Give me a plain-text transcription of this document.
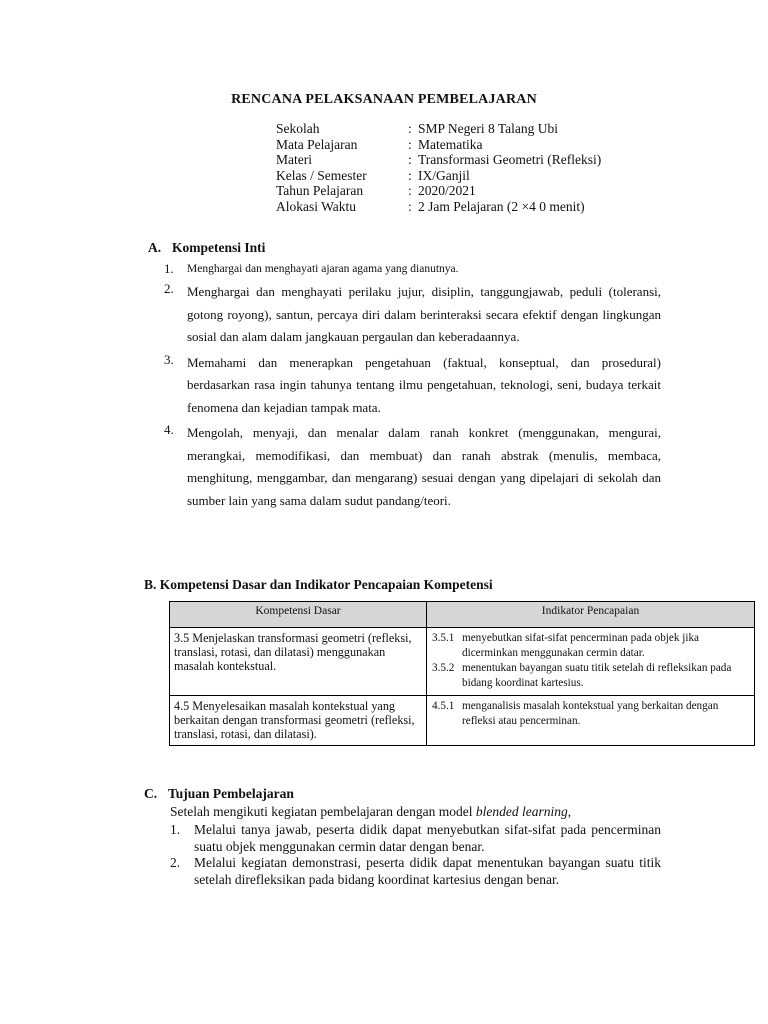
RENCANA PELAKSANAAN PEMBELAJARAN
Sekolah	: SMP Negeri 8 Talang Ubi
Mata Pelajaran	: Matematika
Materi	: Transformasi Geometri (Refleksi)
Kelas / Semester	: IX/Ganjil
Tahun Pelajaran	: 2020/2021
Alokasi Waktu	: 2 Jam Pelajaran (2 ×4 0 menit)
A. Kompetensi Inti
1.	Menghargai dan menghayati ajaran agama yang dianutnya.
2.	Menghargai dan menghayati perilaku jujur, disiplin, tanggungjawab, peduli (toleransi, gotong royong), santun, percaya diri dalam berinteraksi secara efektif dengan lingkungan sosial dan alam dalam jangkauan pergaulan dan keberadaannya.
3.	Memahami dan menerapkan pengetahuan (faktual, konseptual, dan prosedural) berdasarkan rasa ingin tahunya tentang ilmu pengetahuan, teknologi, seni, budaya terkait fenomena dan kejadian tampak mata.
4.	Mengolah, menyaji, dan menalar dalam ranah konkret (menggunakan, mengurai, merangkai, memodifikasi, dan membuat) dan ranah abstrak (menulis, membaca, menghitung, menggambar, dan mengarang) sesuai dengan yang dipelajari di sekolah dan sumber lain yang sama dalam sudut pandang/teori.
B. Kompetensi Dasar dan Indikator Pencapaian Kompetensi
Kompetensi Dasar	Indikator Pencapaian
3.5 Menjelaskan transformasi geometri (refleksi, translasi, rotasi, dan dilatasi) menggunakan masalah kontekstual.	3.5.1 menyebutkan sifat-sifat pencerminan pada objek jika dicerminkan menggunakan cermin datar.
3.5.2 menentukan bayangan suatu titik setelah di refleksikan pada bidang koordinat kartesius.

4.5 Menyelesaikan masalah kontekstual yang berkaitan dengan transformasi geometri (refleksi, translasi, rotasi, dan dilatasi).	4.5.1 menganalisis masalah kontekstual yang berkaitan dengan refleksi atau pencerminan.
C. Tujuan Pembelajaran
Setelah mengikuti kegiatan pembelajaran dengan model blended learning,
1.	Melalui tanya jawab, peserta didik dapat menyebutkan sifat-sifat pada pencerminan suatu objek menggunakan cermin datar dengan benar.
2.	Melalui kegiatan demonstrasi, peserta didik dapat menentukan bayangan suatu titik setelah direfleksikan pada bidang koordinat kartesius dengan benar.
